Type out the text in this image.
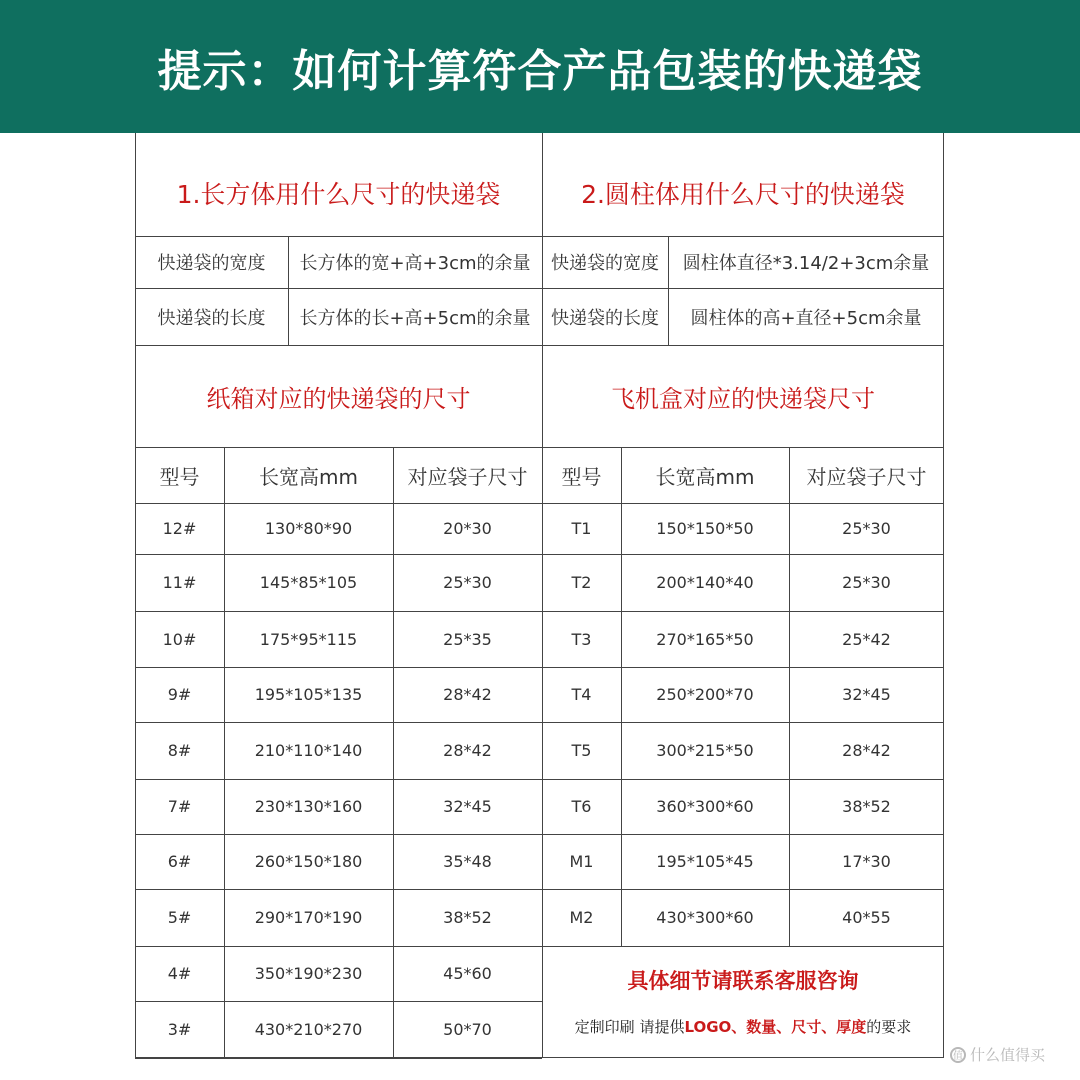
提示：如何计算符合产品包装的快递袋
1.长方体用什么尺寸的快递袋	2.圆柱体用什么尺寸的快递袋
快递袋的宽度	长方体的宽+高+3cm的余量	快递袋的宽度	圆柱体直径*3.14/2+3cm余量
快递袋的长度	长方体的长+高+5cm的余量	快递袋的长度	圆柱体的高+直径+5cm余量
纸箱对应的快递袋的尺寸	飞机盒对应的快递袋尺寸
型号	长宽高mm	对应袋子尺寸	型号	长宽高mm	对应袋子尺寸
12#	130*80*90	20*30	T1	150*150*50	25*30
11#	145*85*105	25*30	T2	200*140*40	25*30
10#	175*95*115	25*35	T3	270*165*50	25*42
9#	195*105*135	28*42	T4	250*200*70	32*45
8#	210*110*140	28*42	T5	300*215*50	28*42
7#	230*130*160	32*45	T6	360*300*60	38*52
6#	260*150*180	35*48	M1	195*105*45	17*30
5#	290*170*190	38*52	M2	430*300*60	40*55
4#	350*190*230	45*60
3#	430*210*270	50*70
具体细节请联系客服咨询
定制印刷 请提供 LOGO、数量、尺寸、厚度 的要求
值 什么值得买
